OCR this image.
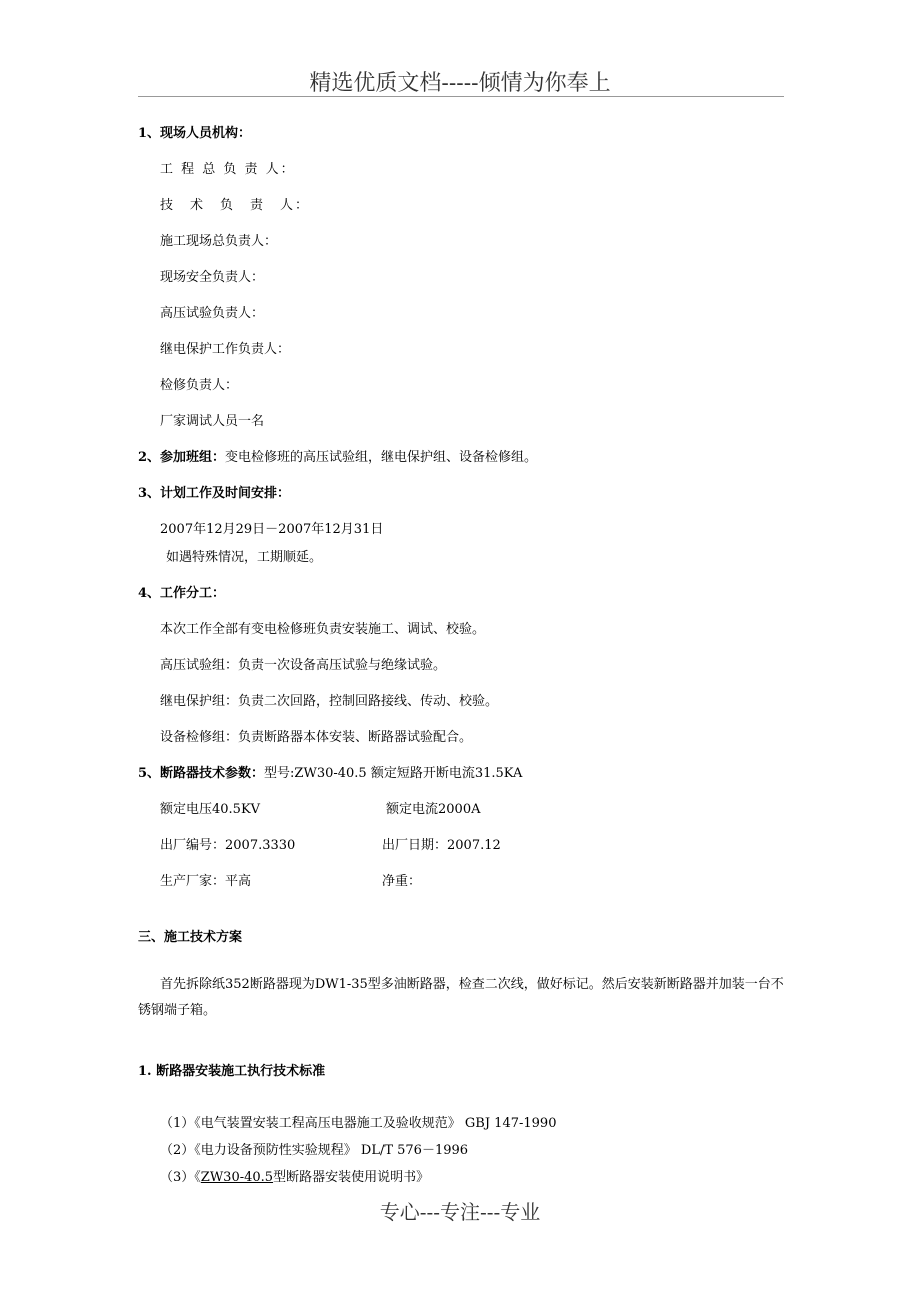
精选优质文档-----倾情为你奉上
1、现场人员机构：
工 程 总 负 责 人：
技　术　负　责　人：
施工现场总负责人：
现场安全负责人：
高压试验负责人：
继电保护工作负责人：
检修负责人：
厂家调试人员一名
2、参加班组：变电检修班的高压试验组，继电保护组、设备检修组。
3、计划工作及时间安排：
2007年12月29日－2007年12月31日
如遇特殊情况，工期顺延。
4、工作分工：
本次工作全部有变电检修班负责安装施工、调试、校验。
高压试验组：负责一次设备高压试验与绝缘试验。
继电保护组：负责二次回路，控制回路接线、传动、校验。
设备检修组：负责断路器本体安装、断路器试验配合。
5、断路器技术参数：型号:ZW30-40.5 额定短路开断电流31.5KA
额定电压40.5KV	额定电流2000A
出厂编号：2007.3330	出厂日期：2007.12
生产厂家：平高	净重：
三、施工技术方案
首先拆除纸352断路器现为DW1-35型多油断路器，检查二次线，做好标记。然后安装新断路器并加装一台不锈钢端子箱。
1. 断路器安装施工执行技术标准
（1）《电气装置安装工程高压电器施工及验收规范》 GBJ 147-1990
（2）《电力设备预防性实验规程》 DL/T 576－1996
（3）《ZW30-40.5型断路器安装使用说明书》
专心---专注---专业
